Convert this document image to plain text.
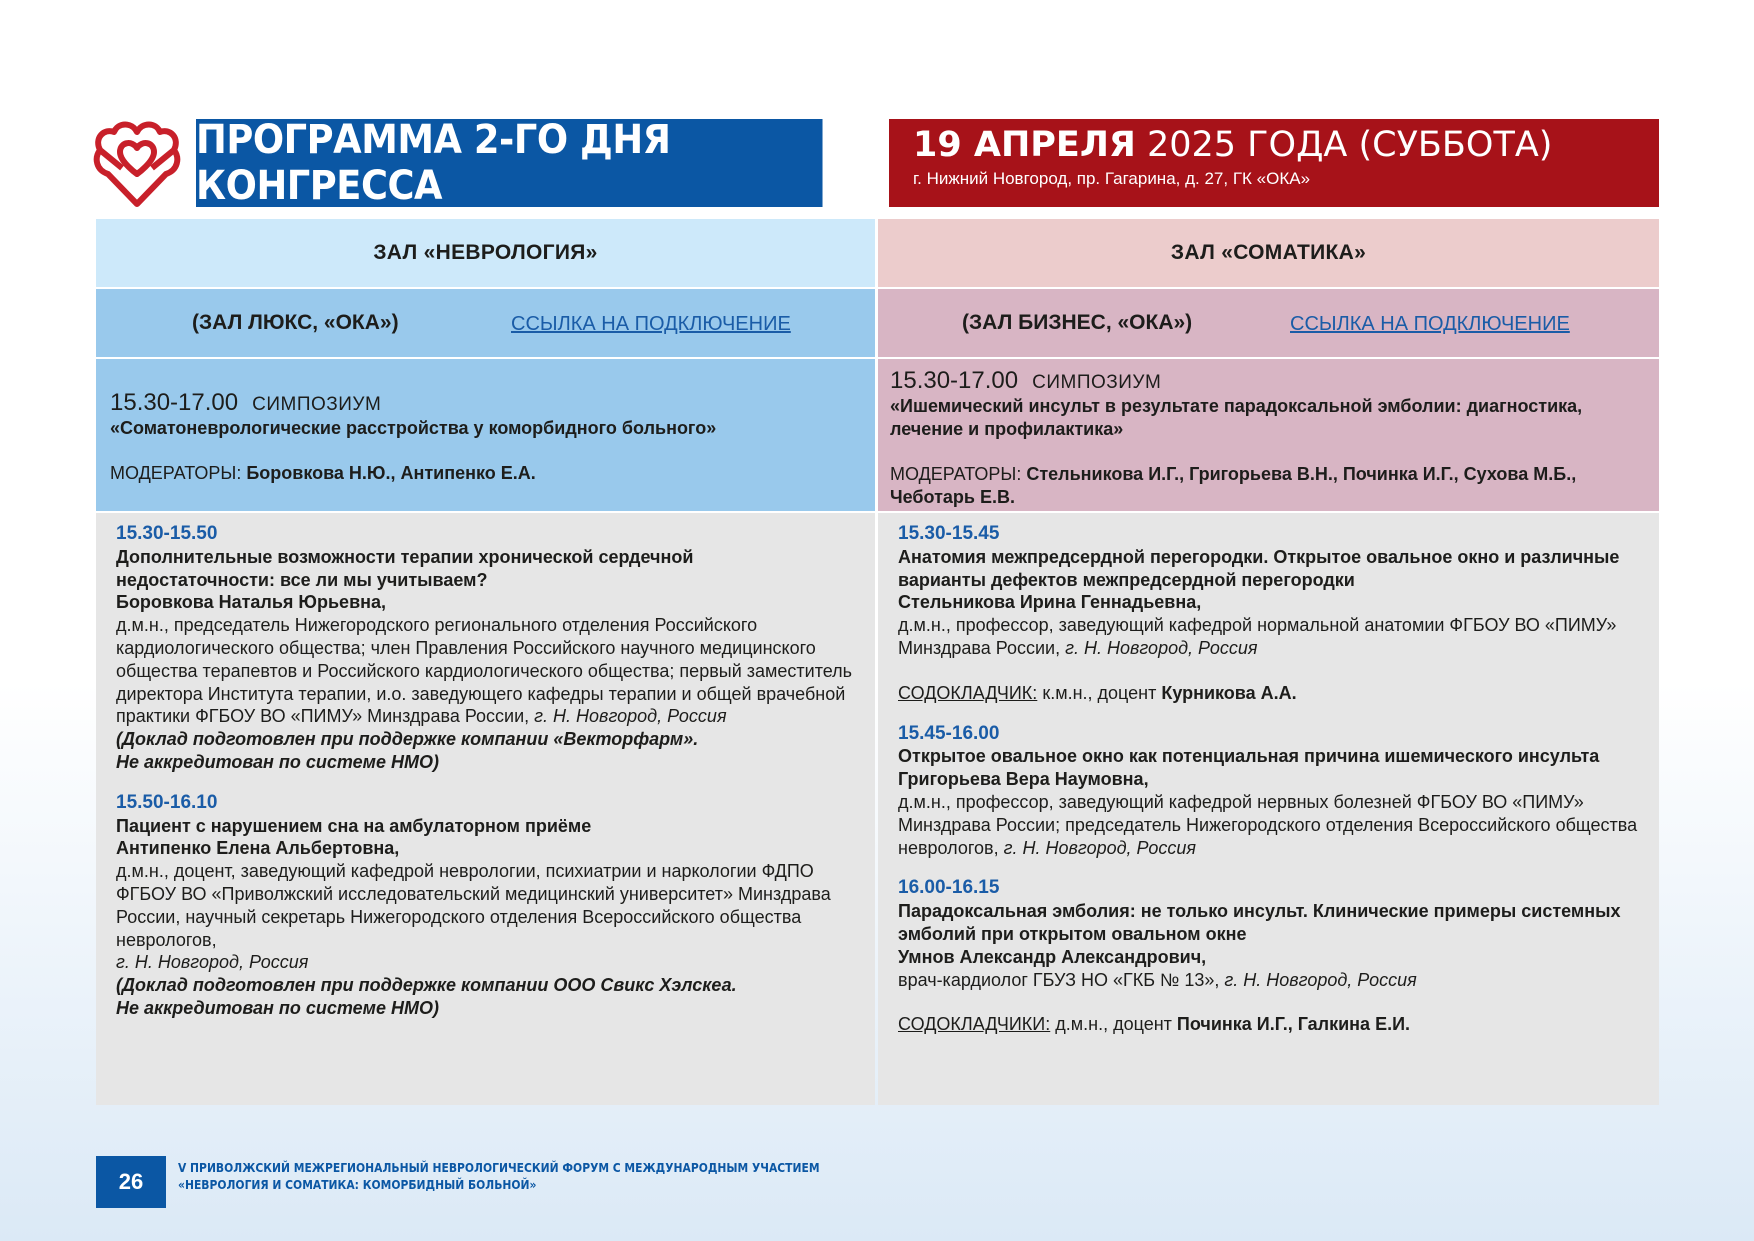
ПРОГРАММА 2-ГО ДНЯ КОНГРЕССА
19 АПРЕЛЯ 2025 ГОДА (СУББОТА)
г. Нижний Новгород, пр. Гагарина, д. 27, ГК «ОКА»
ЗАЛ «НЕВРОЛОГИЯ»
(ЗАЛ ЛЮКС, «ОКА»)	ССЫЛКА НА ПОДКЛЮЧЕНИЕ
15.30-17.00 СИМПОЗИУМ
«Соматоневрологические расстройства у коморбидного больного»
МОДЕРАТОРЫ: Боровкова Н.Ю., Антипенко Е.А.
15.30-15.50
Дополнительные возможности терапии хронической сердечной недостаточности: все ли мы учитываем?
Боровкова Наталья Юрьевна,
д.м.н., председатель Нижегородского регионального отделения Российского кардиологического общества; член Правления Российского научного медицинского общества терапевтов и Российского кардиологического общества; первый заместитель директора Института терапии, и.о. заведующего кафедры терапии и общей врачебной практики ФГБОУ ВО «ПИМУ» Минздрава России, г. Н. Новгород, Россия
(Доклад подготовлен при поддержке компании «Векторфарм».
Не аккредитован по системе НМО)
15.50-16.10
Пациент с нарушением сна на амбулаторном приёме
Антипенко Елена Альбертовна,
д.м.н., доцент, заведующий кафедрой неврологии, психиатрии и наркологии ФДПО ФГБОУ ВО «Приволжский исследовательский медицинский университет» Минздрава России, научный секретарь Нижегородского отделения Всероссийского общества неврологов,
г. Н. Новгород, Россия
(Доклад подготовлен при поддержке компании ООО Свикс Хэлскеа.
Не аккредитован по системе НМО)
ЗАЛ «СОМАТИКА»
(ЗАЛ БИЗНЕС, «ОКА»)	ССЫЛКА НА ПОДКЛЮЧЕНИЕ
15.30-17.00 СИМПОЗИУМ
«Ишемический инсульт в результате парадоксальной эмболии: диагностика, лечение и профилактика»
МОДЕРАТОРЫ: Стельникова И.Г., Григорьева В.Н., Починка И.Г., Сухова М.Б., Чеботарь Е.В.
15.30-15.45
Анатомия межпредсердной перегородки. Открытое овальное окно и различные варианты дефектов межпредсердной перегородки
Стельникова Ирина Геннадьевна,
д.м.н., профессор, заведующий кафедрой нормальной анатомии ФГБОУ ВО «ПИМУ» Минздрава России, г. Н. Новгород, Россия
СОДОКЛАДЧИК: к.м.н., доцент Курникова А.А.
15.45-16.00
Открытое овальное окно как потенциальная причина ишемического инсульта
Григорьева Вера Наумовна,
д.м.н., профессор, заведующий кафедрой нервных болезней ФГБОУ ВО «ПИМУ» Минздрава России; председатель Нижегородского отделения Всероссийского общества неврологов, г. Н. Новгород, Россия
16.00-16.15
Парадоксальная эмболия: не только инсульт. Клинические примеры системных эмболий при открытом овальном окне
Умнов Александр Александрович,
врач-кардиолог ГБУЗ НО «ГКБ № 13», г. Н. Новгород, Россия
СОДОКЛАДЧИКИ: д.м.н., доцент Починка И.Г., Галкина Е.И.
26
V ПРИВОЛЖСКИЙ МЕЖРЕГИОНАЛЬНЫЙ НЕВРОЛОГИЧЕСКИЙ ФОРУМ С МЕЖДУНАРОДНЫМ УЧАСТИЕМ
«НЕВРОЛОГИЯ И СОМАТИКА: КОМОРБИДНЫЙ БОЛЬНОЙ»
